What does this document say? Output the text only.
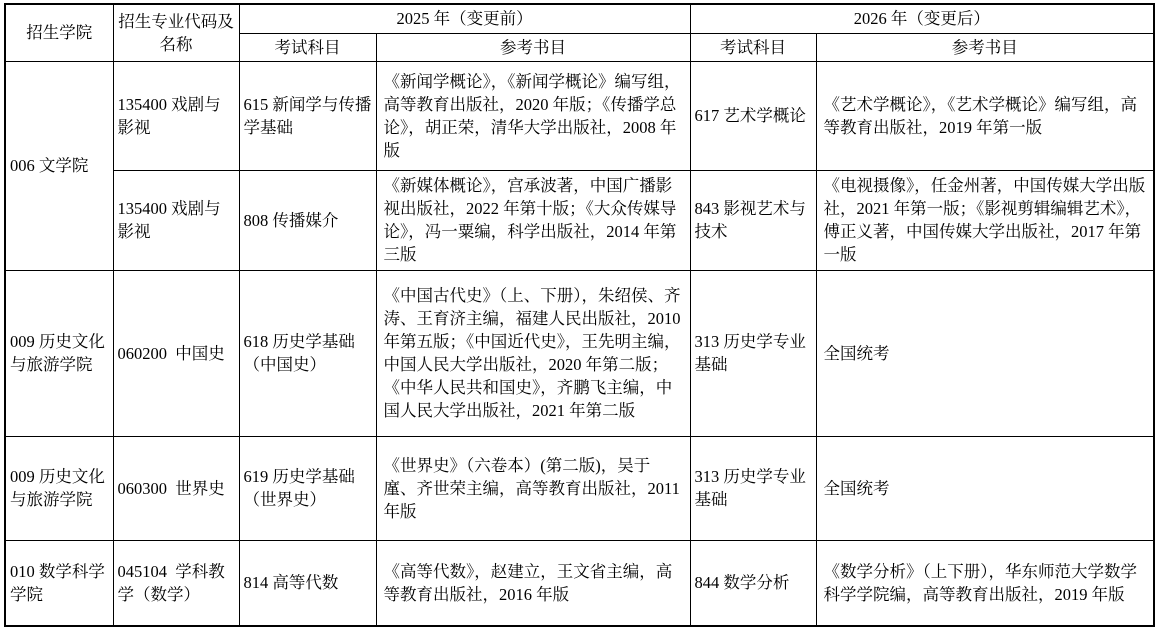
招生学院	招生专业代码及名称	2025 年（变更前）		2026 年（变更后）	
		考试科目	参考书目	考试科目	参考书目
006 文学院	135400 戏剧与影视	615 新闻学与传播学基础	《新闻学概论》，《新闻学概论》编写组，高等教育出版社，2020 年版；《传播学总论》，胡正荣，清华大学出版社，2008 年版	617 艺术学概论	《艺术学概论》，《艺术学概论》编写组，高等教育出版社，2019 年第一版
	135400 戏剧与影视	808 传播媒介	《新媒体概论》，宫承波著，中国广播影视出版社，2022 年第十版；《大众传媒导论》，冯一粟编，科学出版社，2014 年第三版	843 影视艺术与技术	《电视摄像》，任金州著，中国传媒大学出版社，2021 年第一版；《影视剪辑编辑艺术》，傅正义著，中国传媒大学出版社，2017 年第一版
009 历史文化与旅游学院	060200  中国史	618 历史学基础（中国史）	《中国古代史》（上、下册），朱绍侯、齐涛、王育济主编，福建人民出版社，2010 年第五版；《中国近代史》，王先明主编，中国人民大学出版社，2020 年第二版；《中华人民共和国史》，齐鹏飞主编，中国人民大学出版社，2021 年第二版	313 历史学专业基础	全国统考
009 历史文化与旅游学院	060300  世界史	619 历史学基础（世界史）	《世界史》（六卷本）(第二版)，吴于廑、齐世荣主编，高等教育出版社，2011 年版	313 历史学专业基础	全国统考
010 数学科学学院	045104  学科教学（数学）	814 高等代数	《高等代数》，赵建立，王文省主编，高等教育出版社，2016 年版	844 数学分析	《数学分析》（上下册），华东师范大学数学科学学院编，高等教育出版社，2019 年版
